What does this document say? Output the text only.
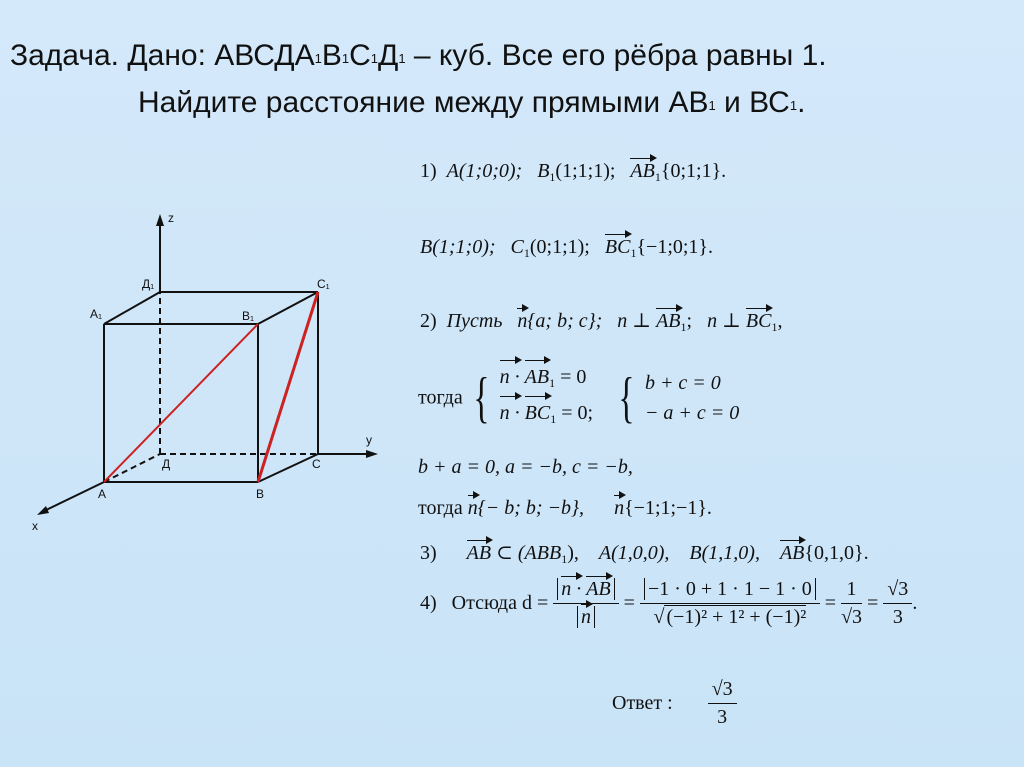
Задача. Дано: АВСДА1В1С1Д1 – куб. Все его рёбра равны 1.
Найдите расстояние между прямыми АВ1 и ВС1.
z
y
x
A	B
C
Д
A₁	B₁
C₁
Д₁
1) A(1;0;0); $B_1(1;1;1)$; $AB_1\{0;1;1\}$.
B(1;1;0); $C_1(0;1;1)$; $BC_1\{-1;0;1\}$.
2) Пусть n{a; b; c}; n ⊥ $AB_1$; n ⊥ $BC_1$,
тогда { $n \cdot AB_1 = 0$
$n \cdot BC_1 = 0$; { b + c = 0
− a + c = 0
b + a = 0, a = −b, c = −b,
тогда n{− b; b; −b}, n{−1;1;−1}.
3) AB ⊂ $(ABB_1)$, A(1,0,0), B(1,1,0), AB{0,1,0}.
4) Отсюда $d = \frac{n \cdot AB}{n} = \frac{-1 \cdot 0 + 1 \cdot 1 - 1 \cdot 0}{\text{√ (−1)² + 1² + (−1)²}} = \frac{1}{√3} = \frac{√3}{3}$ .
Ответ : $\frac{√3}{3}$
